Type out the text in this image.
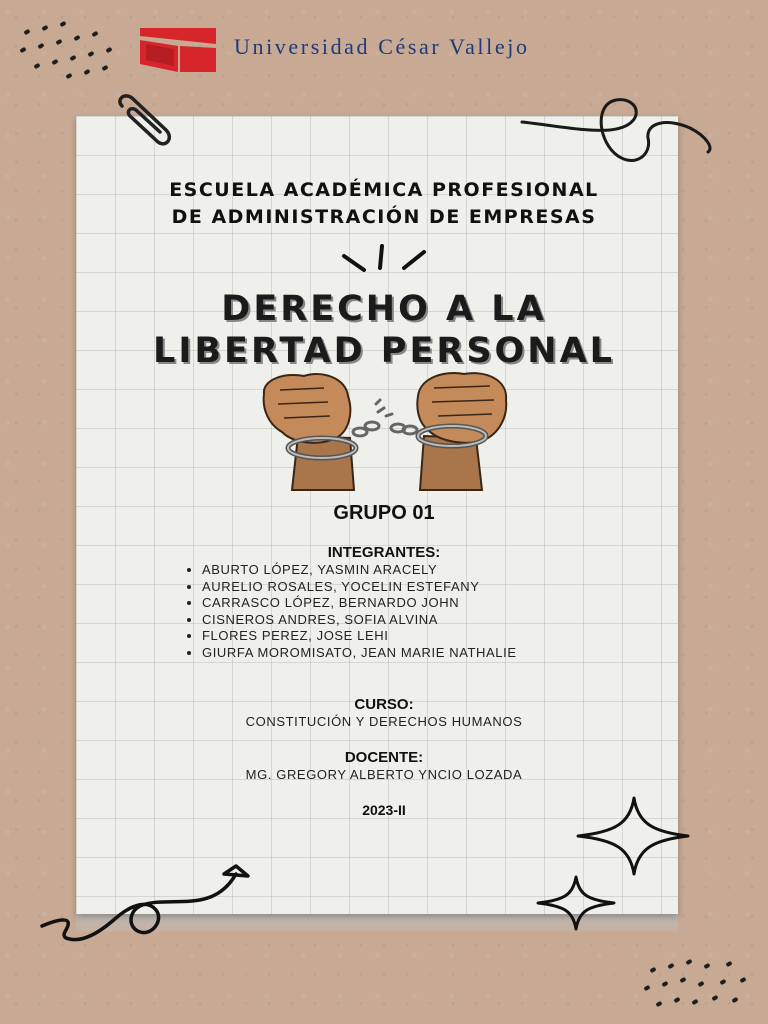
Universidad César Vallejo
ESCUELA ACADÉMICA PROFESIONAL
DE ADMINISTRACIÓN DE EMPRESAS
DERECHO A LA
LIBERTAD PERSONAL
GRUPO 01
INTEGRANTES:
• ABURTO LÓPEZ, YASMIN ARACELY
• AURELIO ROSALES, YOCELIN ESTEFANY
• CARRASCO LÓPEZ, BERNARDO JOHN
• CISNEROS ANDRES, SOFIA ALVINA
• FLORES PEREZ, JOSE LEHI
• GIURFA MOROMISATO, JEAN MARIE NATHALIE
CURSO:
CONSTITUCIÓN Y DERECHOS HUMANOS
DOCENTE:
MG. GREGORY ALBERTO YNCIO LOZADA
2023-II
